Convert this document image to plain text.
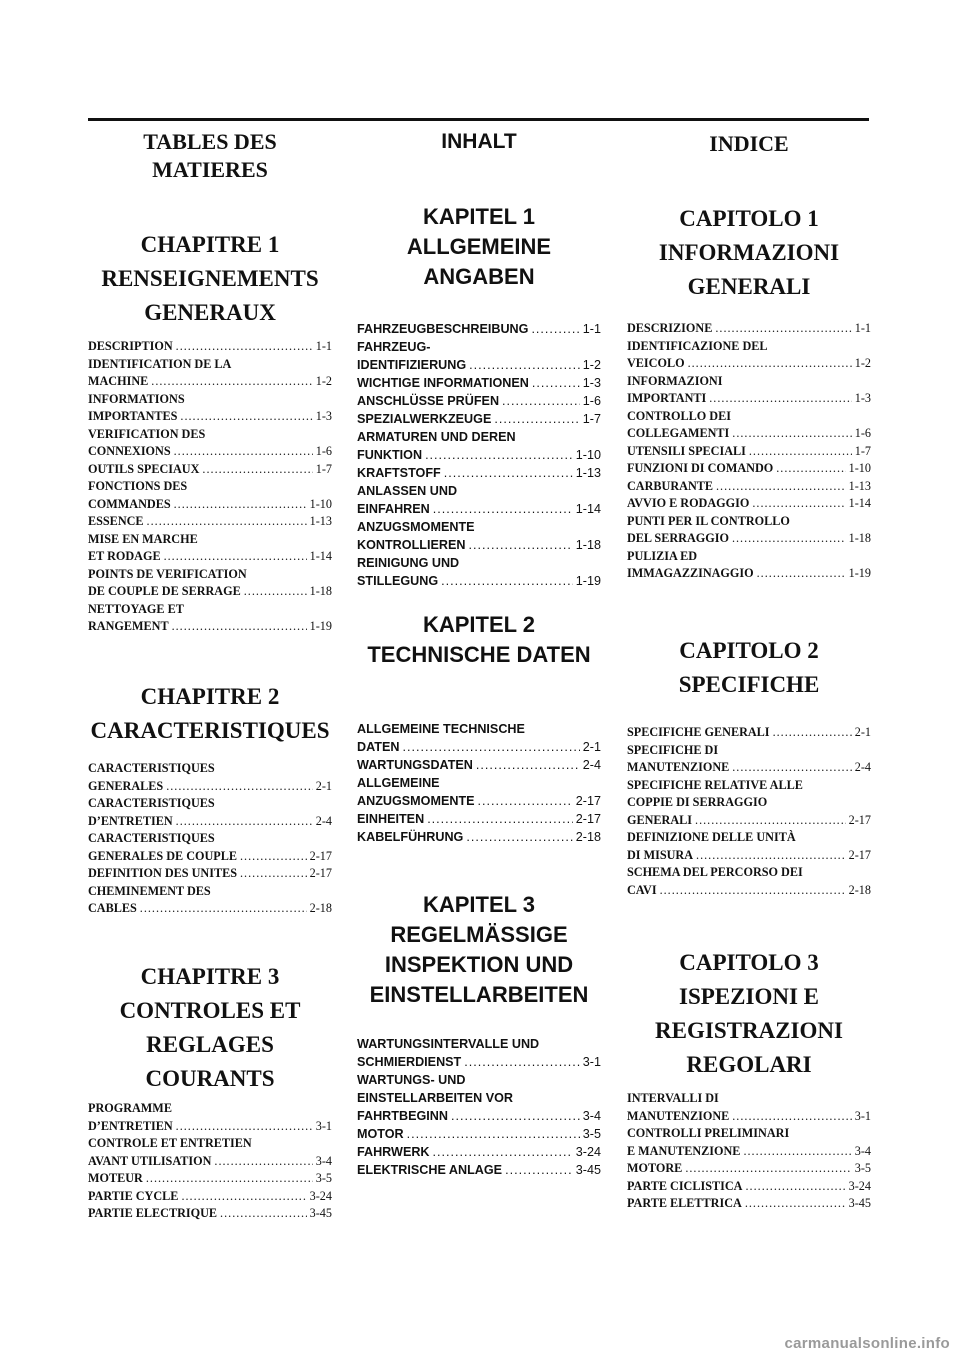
TABLES DES
MATIERES
CHAPITRE 1
RENSEIGNEMENTS
GENERAUX
DESCRIPTION .....	1-1
IDENTIFICATION DE LA
MACHINE .....	1-2
INFORMATIONS
IMPORTANTES .....	1-3
VERIFICATION DES
CONNEXIONS .....	1-6
OUTILS SPECIAUX .....	1-7
FONCTIONS DES
COMMANDES .....	1-10
ESSENCE .....	1-13
MISE EN MARCHE
ET RODAGE .....	1-14
POINTS DE VERIFICATION
DE COUPLE DE SERRAGE .....	1-18
NETTOYAGE ET
RANGEMENT .....	1-19
CHAPITRE 2
CARACTERISTIQUES
CARACTERISTIQUES
GENERALES .....	2-1
CARACTERISTIQUES
D’ENTRETIEN .....	2-4
CARACTERISTIQUES
GENERALES DE COUPLE .....	2-17
DEFINITION DES UNITES .....	2-17
CHEMINEMENT DES
CABLES .....	2-18
CHAPITRE 3
CONTROLES ET
REGLAGES
COURANTS
PROGRAMME
D’ENTRETIEN .....	3-1
CONTROLE ET ENTRETIEN
AVANT UTILISATION .....	3-4
MOTEUR .....	3-5
PARTIE CYCLE .....	3-24
PARTIE ELECTRIQUE .....	3-45
INHALT
KAPITEL 1
ALLGEMEINE
ANGABEN
FAHRZEUGBESCHREIBUNG .....	1-1
FAHRZEUG-
IDENTIFIZIERUNG .....	1-2
WICHTIGE INFORMATIONEN .....	1-3
ANSCHLÜSSE PRÜFEN .....	1-6
SPEZIALWERKZEUGE .....	1-7
ARMATUREN UND DEREN
FUNKTION .....	1-10
KRAFTSTOFF .....	1-13
ANLASSEN UND
EINFAHREN .....	1-14
ANZUGSMOMENTE
KONTROLLIEREN .....	1-18
REINIGUNG UND
STILLEGUNG .....	1-19
KAPITEL 2
TECHNISCHE DATEN
ALLGEMEINE TECHNISCHE
DATEN .....	2-1
WARTUNGSDATEN .....	2-4
ALLGEMEINE
ANZUGSMOMENTE .....	2-17
EINHEITEN .....	2-17
KABELFÜHRUNG .....	2-18
KAPITEL 3
REGELMÄSSIGE
INSPEKTION UND
EINSTELLARBEITEN
WARTUNGSINTERVALLE UND
SCHMIERDIENST .....	3-1
WARTUNGS- UND
EINSTELLARBEITEN VOR
FAHRTBEGINN .....	3-4
MOTOR .....	3-5
FAHRWERK .....	3-24
ELEKTRISCHE ANLAGE .....	3-45
INDICE
CAPITOLO 1
INFORMAZIONI
GENERALI
DESCRIZIONE .....	1-1
IDENTIFICAZIONE DEL
VEICOLO .....	1-2
INFORMAZIONI
IMPORTANTI .....	1-3
CONTROLLO DEI
COLLEGAMENTI .....	1-6
UTENSILI SPECIALI .....	1-7
FUNZIONI DI COMANDO .....	1-10
CARBURANTE .....	1-13
AVVIO E RODAGGIO .....	1-14
PUNTI PER IL CONTROLLO
DEL SERRAGGIO .....	1-18
PULIZIA ED
IMMAGAZZINAGGIO .....	1-19
CAPITOLO 2
SPECIFICHE
SPECIFICHE GENERALI .....	2-1
SPECIFICHE DI
MANUTENZIONE .....	2-4
SPECIFICHE RELATIVE ALLE
COPPIE DI SERRAGGIO
GENERALI .....	2-17
DEFINIZIONE DELLE UNITÀ
DI MISURA .....	2-17
SCHEMA DEL PERCORSO DEI
CAVI .....	2-18
CAPITOLO 3
ISPEZIONI E
REGISTRAZIONI
REGOLARI
INTERVALLI DI
MANUTENZIONE .....	3-1
CONTROLLI PRELIMINARI
E MANUTENZIONE .....	3-4
MOTORE .....	3-5
PARTE CICLISTICA .....	3-24
PARTE ELETTRICA .....	3-45
carmanualsonline.info
